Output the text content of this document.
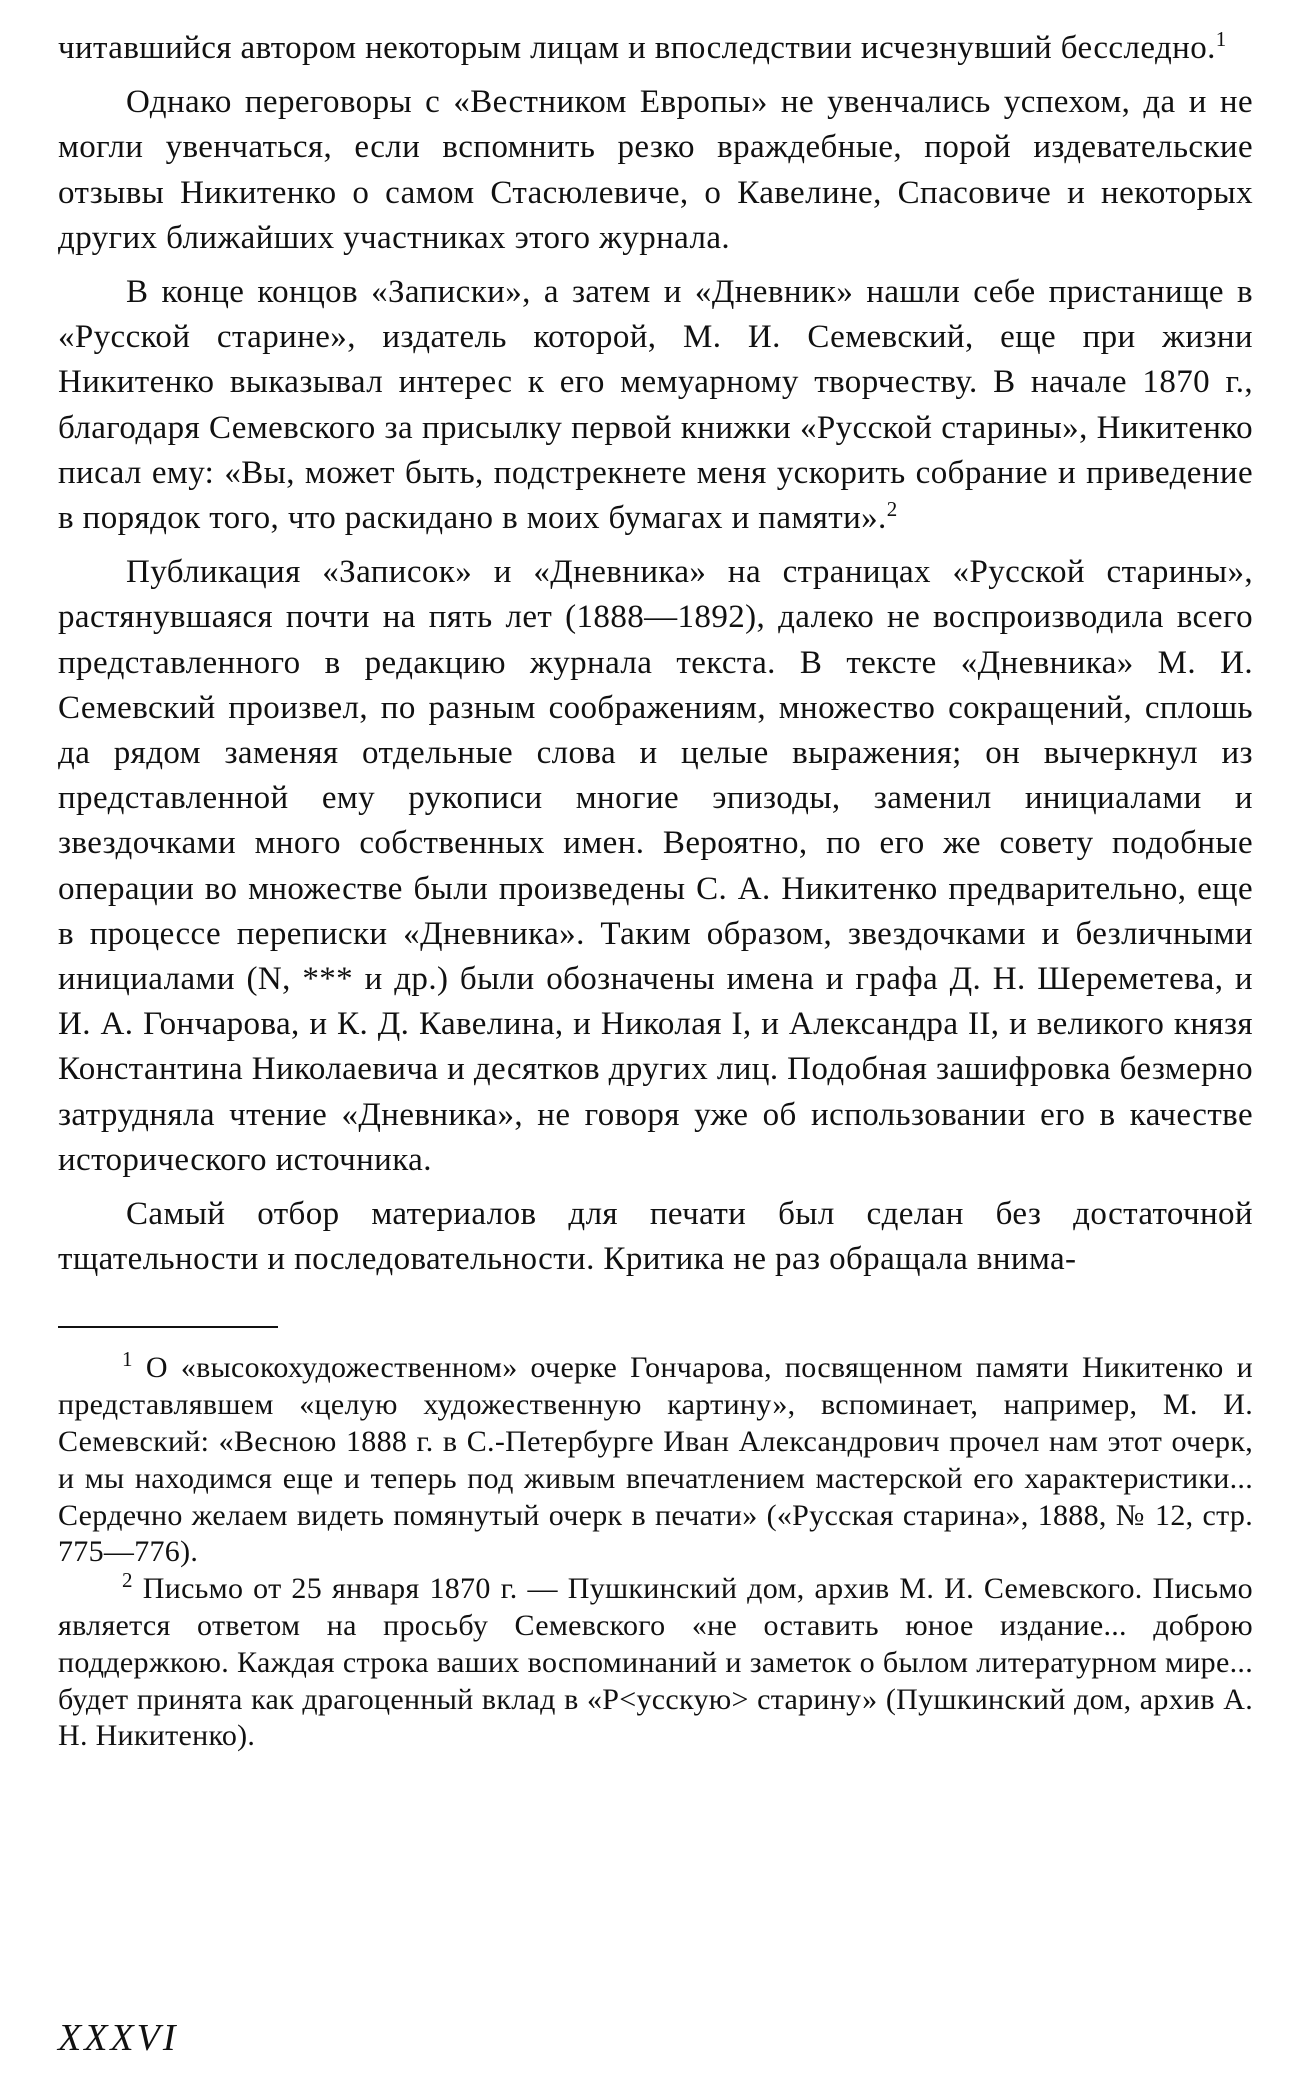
читавшийся автором некоторым лицам и впоследствии исчезнувший бесследно.$^1$

Однако переговоры с «Вестником Европы» не увенчались успехом, да и не могли увенчаться, если вспомнить резко враждебные, порой издевательские отзывы Никитенко о самом Стасюлевиче, о Кавелине, Спасовиче и некоторых других ближайших участниках этого журнала.

В конце концов «Записки», а затем и «Дневник» нашли себе пристанище в «Русской старине», издатель которой, М. И. Семевский, еще при жизни Никитенко выказывал интерес к его мемуарному творчеству. В начале 1870 г., благодаря Семевского за присылку первой книжки «Русской старины», Никитенко писал ему: «Вы, может быть, подстрекнете меня ускорить собрание и приведение в порядок того, что раскидано в моих бумагах и памяти».$^2$

Публикация «Записок» и «Дневника» на страницах «Русской старины», растянувшаяся почти на пять лет (1888—1892), далеко не воспроизводила всего представленного в редакцию журнала текста. В тексте «Дневника» М. И. Семевский произвел, по разным соображениям, множество сокращений, сплошь да рядом заменяя отдельные слова и целые выражения; он вычеркнул из представленной ему рукописи многие эпизоды, заменил инициалами и звездочками много собственных имен. Вероятно, по его же совету подобные операции во множестве были произведены С. А. Никитенко предварительно, еще в процессе переписки «Дневника». Таким образом, звездочками и безличными инициалами (N, *** и др.) были обозначены имена и графа Д. Н. Шереметева, и И. А. Гончарова, и К. Д. Кавелина, и Николая I, и Александра II, и великого князя Константина Николаевича и десятков других лиц. Подобная зашифровка безмерно затрудняла чтение «Дневника», не говоря уже об использовании его в качестве исторического источника.

Самый отбор материалов для печати был сделан без достаточной тщательности и последовательности. Критика не раз обращала внима-

$^1$ О «высокохудожественном» очерке Гончарова, посвященном памяти Никитенко и представлявшем «целую художественную картину», вспоминает, например, М. И. Семевский: «Весною 1888 г. в С.-Петербурге Иван Александрович прочел нам этот очерк, и мы находимся еще и теперь под живым впечатлением мастерской его характеристики... Сердечно желаем видеть помянутый очерк в печати» («Русская старина», 1888, № 12, стр. 775—776).

$^2$ Письмо от 25 января 1870 г. — Пушкинский дом, архив М. И. Семевского. Письмо является ответом на просьбу Семевского «не оставить юное издание... доброю поддержкою. Каждая строка ваших воспоминаний и заметок о былом литературном мире... будет принята как драгоценный вклад в «Р<усскую> старину» (Пушкинский дом, архив А. Н. Никитенко).

XXXVI
